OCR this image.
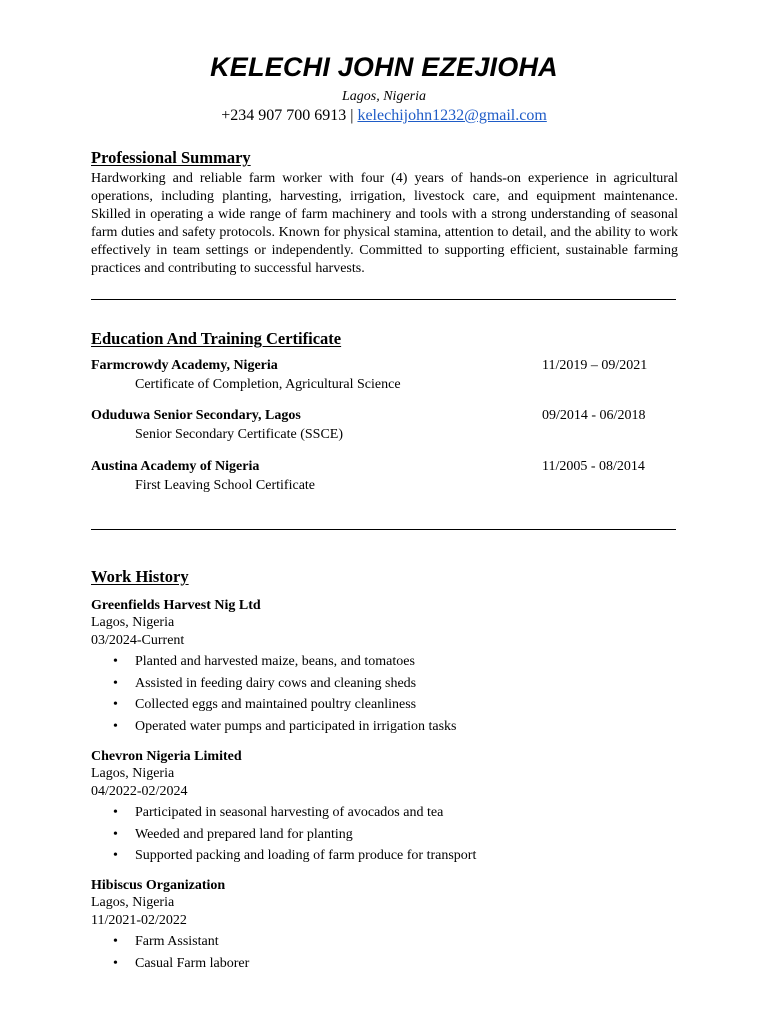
KELECHI JOHN EZEJIOHA
Lagos, Nigeria
+234 907 700 6913 | kelechijohn1232@gmail.com
Professional Summary

Hardworking and reliable farm worker with four (4) years of hands-on experience in agricultural operations, including planting, harvesting, irrigation, livestock care, and equipment maintenance. Skilled in operating a wide range of farm machinery and tools with a strong understanding of seasonal farm duties and safety protocols. Known for physical stamina, attention to detail, and the ability to work effectively in team settings or independently. Committed to supporting efficient, sustainable farming practices and contributing to successful harvests.

Education And Training Certificate
Farmcrowdy Academy, Nigeria	11/2019 – 09/2021
Certificate of Completion, Agricultural Science
Oduduwa Senior Secondary, Lagos	09/2014 - 06/2018
Senior Secondary Certificate (SSCE)
Austina Academy of Nigeria	11/2005 - 08/2014
First Leaving School Certificate
Work History
Greenfields Harvest Nig Ltd
Lagos, Nigeria
03/2024-Current
• Planted and harvested maize, beans, and tomatoes
• Assisted in feeding dairy cows and cleaning sheds
• Collected eggs and maintained poultry cleanliness
• Operated water pumps and participated in irrigation tasks
Chevron Nigeria Limited
Lagos, Nigeria
04/2022-02/2024
• Participated in seasonal harvesting of avocados and tea
• Weeded and prepared land for planting
• Supported packing and loading of farm produce for transport
Hibiscus Organization
Lagos, Nigeria
11/2021-02/2022
• Farm Assistant
• Casual Farm laborer
